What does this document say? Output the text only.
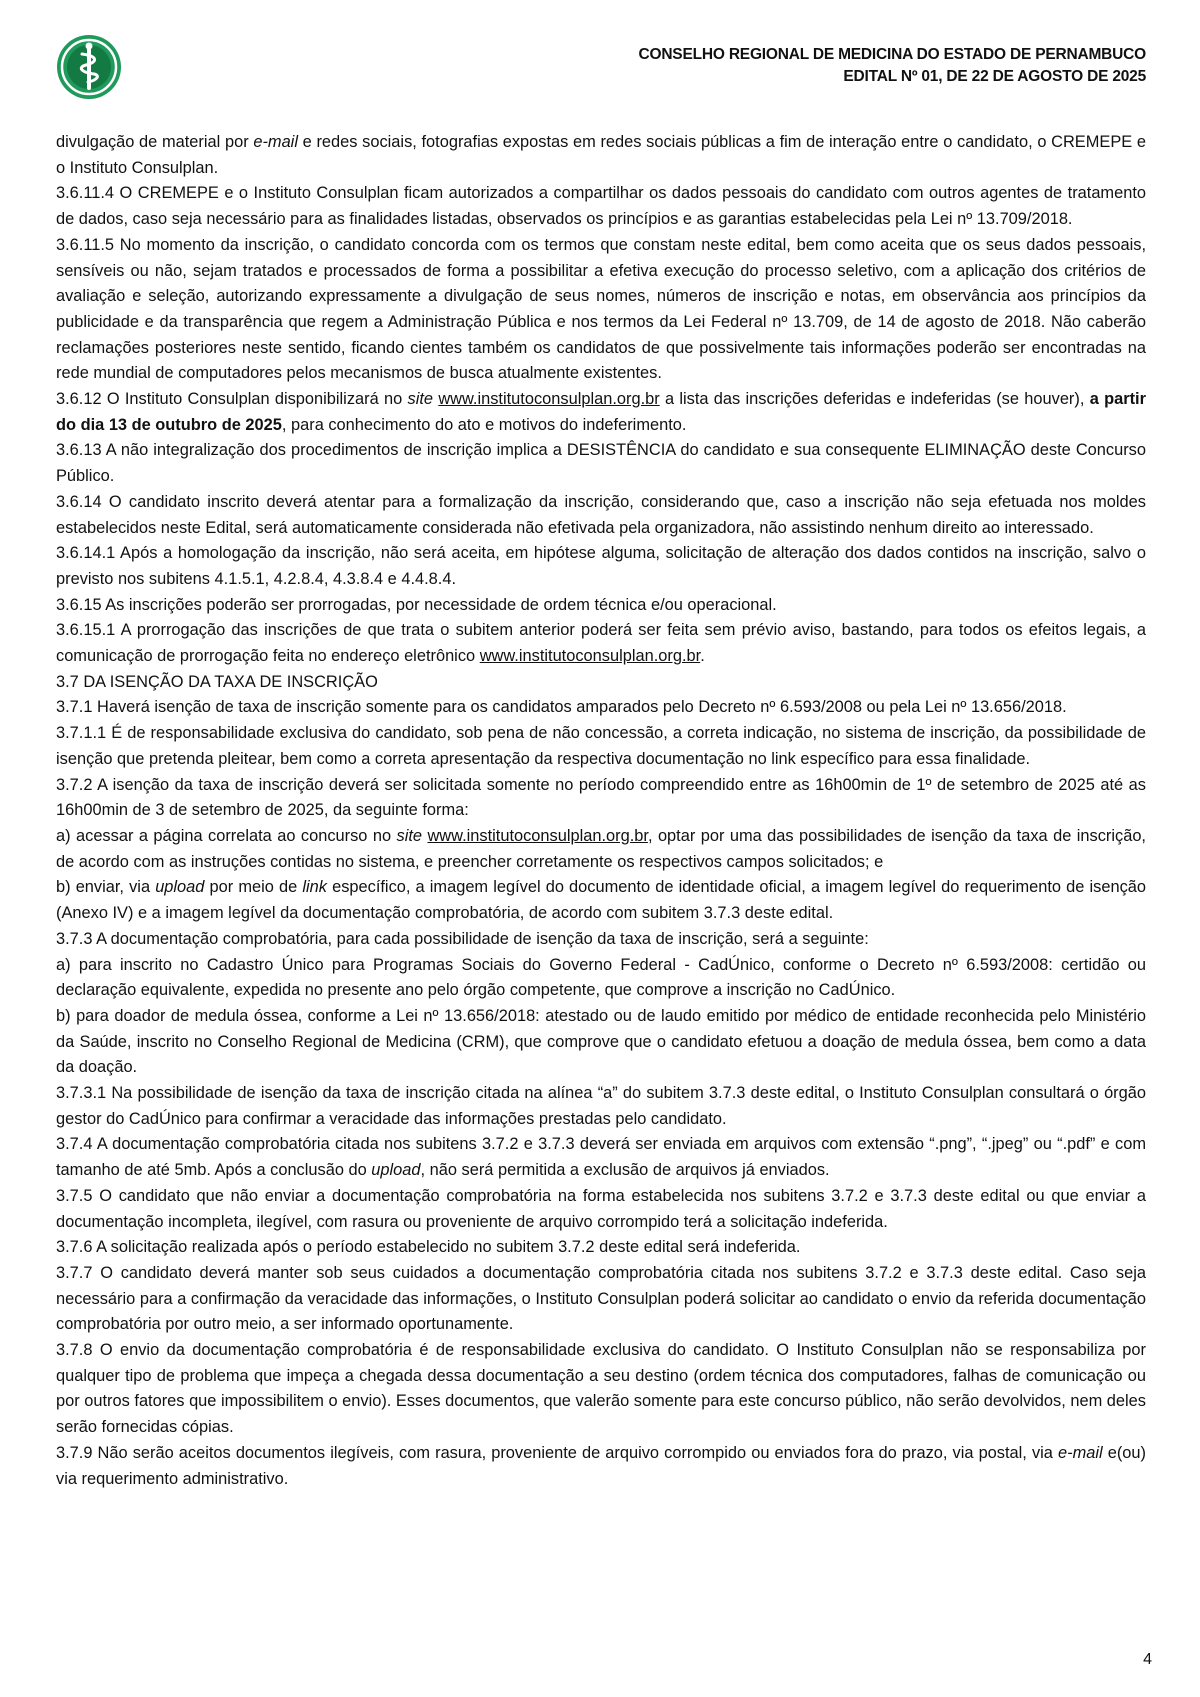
CONSELHO REGIONAL DE MEDICINA DO ESTADO DE PERNAMBUCO
EDITAL Nº 01, DE 22 DE AGOSTO DE 2025

divulgação de material por e-mail e redes sociais, fotografias expostas em redes sociais públicas a fim de interação entre o candidato, o CREMEPE e o Instituto Consulplan.

3.6.11.4 O CREMEPE e o Instituto Consulplan ficam autorizados a compartilhar os dados pessoais do candidato com outros agentes de tratamento de dados, caso seja necessário para as finalidades listadas, observados os princípios e as garantias estabelecidas pela Lei nº 13.709/2018.

3.6.11.5 No momento da inscrição, o candidato concorda com os termos que constam neste edital, bem como aceita que os seus dados pessoais, sensíveis ou não, sejam tratados e processados de forma a possibilitar a efetiva execução do processo seletivo, com a aplicação dos critérios de avaliação e seleção, autorizando expressamente a divulgação de seus nomes, números de inscrição e notas, em observância aos princípios da publicidade e da transparência que regem a Administração Pública e nos termos da Lei Federal nº 13.709, de 14 de agosto de 2018. Não caberão reclamações posteriores neste sentido, ficando cientes também os candidatos de que possivelmente tais informações poderão ser encontradas na rede mundial de computadores pelos mecanismos de busca atualmente existentes.

3.6.12 O Instituto Consulplan disponibilizará no site www.institutoconsulplan.org.br a lista das inscrições deferidas e indeferidas (se houver), a partir do dia 13 de outubro de 2025, para conhecimento do ato e motivos do indeferimento.

3.6.13 A não integralização dos procedimentos de inscrição implica a DESISTÊNCIA do candidato e sua consequente ELIMINAÇÃO deste Concurso Público.

3.6.14 O candidato inscrito deverá atentar para a formalização da inscrição, considerando que, caso a inscrição não seja efetuada nos moldes estabelecidos neste Edital, será automaticamente considerada não efetivada pela organizadora, não assistindo nenhum direito ao interessado.

3.6.14.1 Após a homologação da inscrição, não será aceita, em hipótese alguma, solicitação de alteração dos dados contidos na inscrição, salvo o previsto nos subitens 4.1.5.1, 4.2.8.4, 4.3.8.4 e 4.4.8.4.

3.6.15 As inscrições poderão ser prorrogadas, por necessidade de ordem técnica e/ou operacional.

3.6.15.1 A prorrogação das inscrições de que trata o subitem anterior poderá ser feita sem prévio aviso, bastando, para todos os efeitos legais, a comunicação de prorrogação feita no endereço eletrônico www.institutoconsulplan.org.br.

3.7 DA ISENÇÃO DA TAXA DE INSCRIÇÃO

3.7.1 Haverá isenção de taxa de inscrição somente para os candidatos amparados pelo Decreto nº 6.593/2008 ou pela Lei nº 13.656/2018.

3.7.1.1 É de responsabilidade exclusiva do candidato, sob pena de não concessão, a correta indicação, no sistema de inscrição, da possibilidade de isenção que pretenda pleitear, bem como a correta apresentação da respectiva documentação no link específico para essa finalidade.

3.7.2 A isenção da taxa de inscrição deverá ser solicitada somente no período compreendido entre as 16h00min de 1º de setembro de 2025 até as 16h00min de 3 de setembro de 2025, da seguinte forma:

a) acessar a página correlata ao concurso no site www.institutoconsulplan.org.br, optar por uma das possibilidades de isenção da taxa de inscrição, de acordo com as instruções contidas no sistema, e preencher corretamente os respectivos campos solicitados; e

b) enviar, via upload por meio de link específico, a imagem legível do documento de identidade oficial, a imagem legível do requerimento de isenção (Anexo IV) e a imagem legível da documentação comprobatória, de acordo com subitem 3.7.3 deste edital.

3.7.3 A documentação comprobatória, para cada possibilidade de isenção da taxa de inscrição, será a seguinte:

a) para inscrito no Cadastro Único para Programas Sociais do Governo Federal - CadÚnico, conforme o Decreto nº 6.593/2008: certidão ou declaração equivalente, expedida no presente ano pelo órgão competente, que comprove a inscrição no CadÚnico.

b) para doador de medula óssea, conforme a Lei nº 13.656/2018: atestado ou de laudo emitido por médico de entidade reconhecida pelo Ministério da Saúde, inscrito no Conselho Regional de Medicina (CRM), que comprove que o candidato efetuou a doação de medula óssea, bem como a data da doação.

3.7.3.1 Na possibilidade de isenção da taxa de inscrição citada na alínea “a” do subitem 3.7.3 deste edital, o Instituto Consulplan consultará o órgão gestor do CadÚnico para confirmar a veracidade das informações prestadas pelo candidato.

3.7.4 A documentação comprobatória citada nos subitens 3.7.2 e 3.7.3 deverá ser enviada em arquivos com extensão “.png”, “.jpeg” ou “.pdf” e com tamanho de até 5mb. Após a conclusão do upload, não será permitida a exclusão de arquivos já enviados.

3.7.5 O candidato que não enviar a documentação comprobatória na forma estabelecida nos subitens 3.7.2 e 3.7.3 deste edital ou que enviar a documentação incompleta, ilegível, com rasura ou proveniente de arquivo corrompido terá a solicitação indeferida.

3.7.6 A solicitação realizada após o período estabelecido no subitem 3.7.2 deste edital será indeferida.

3.7.7 O candidato deverá manter sob seus cuidados a documentação comprobatória citada nos subitens 3.7.2 e 3.7.3 deste edital. Caso seja necessário para a confirmação da veracidade das informações, o Instituto Consulplan poderá solicitar ao candidato o envio da referida documentação comprobatória por outro meio, a ser informado oportunamente.

3.7.8 O envio da documentação comprobatória é de responsabilidade exclusiva do candidato. O Instituto Consulplan não se responsabiliza por qualquer tipo de problema que impeça a chegada dessa documentação a seu destino (ordem técnica dos computadores, falhas de comunicação ou por outros fatores que impossibilitem o envio). Esses documentos, que valerão somente para este concurso público, não serão devolvidos, nem deles serão fornecidas cópias.

3.7.9 Não serão aceitos documentos ilegíveis, com rasura, proveniente de arquivo corrompido ou enviados fora do prazo, via postal, via e-mail e(ou) via requerimento administrativo.

4
